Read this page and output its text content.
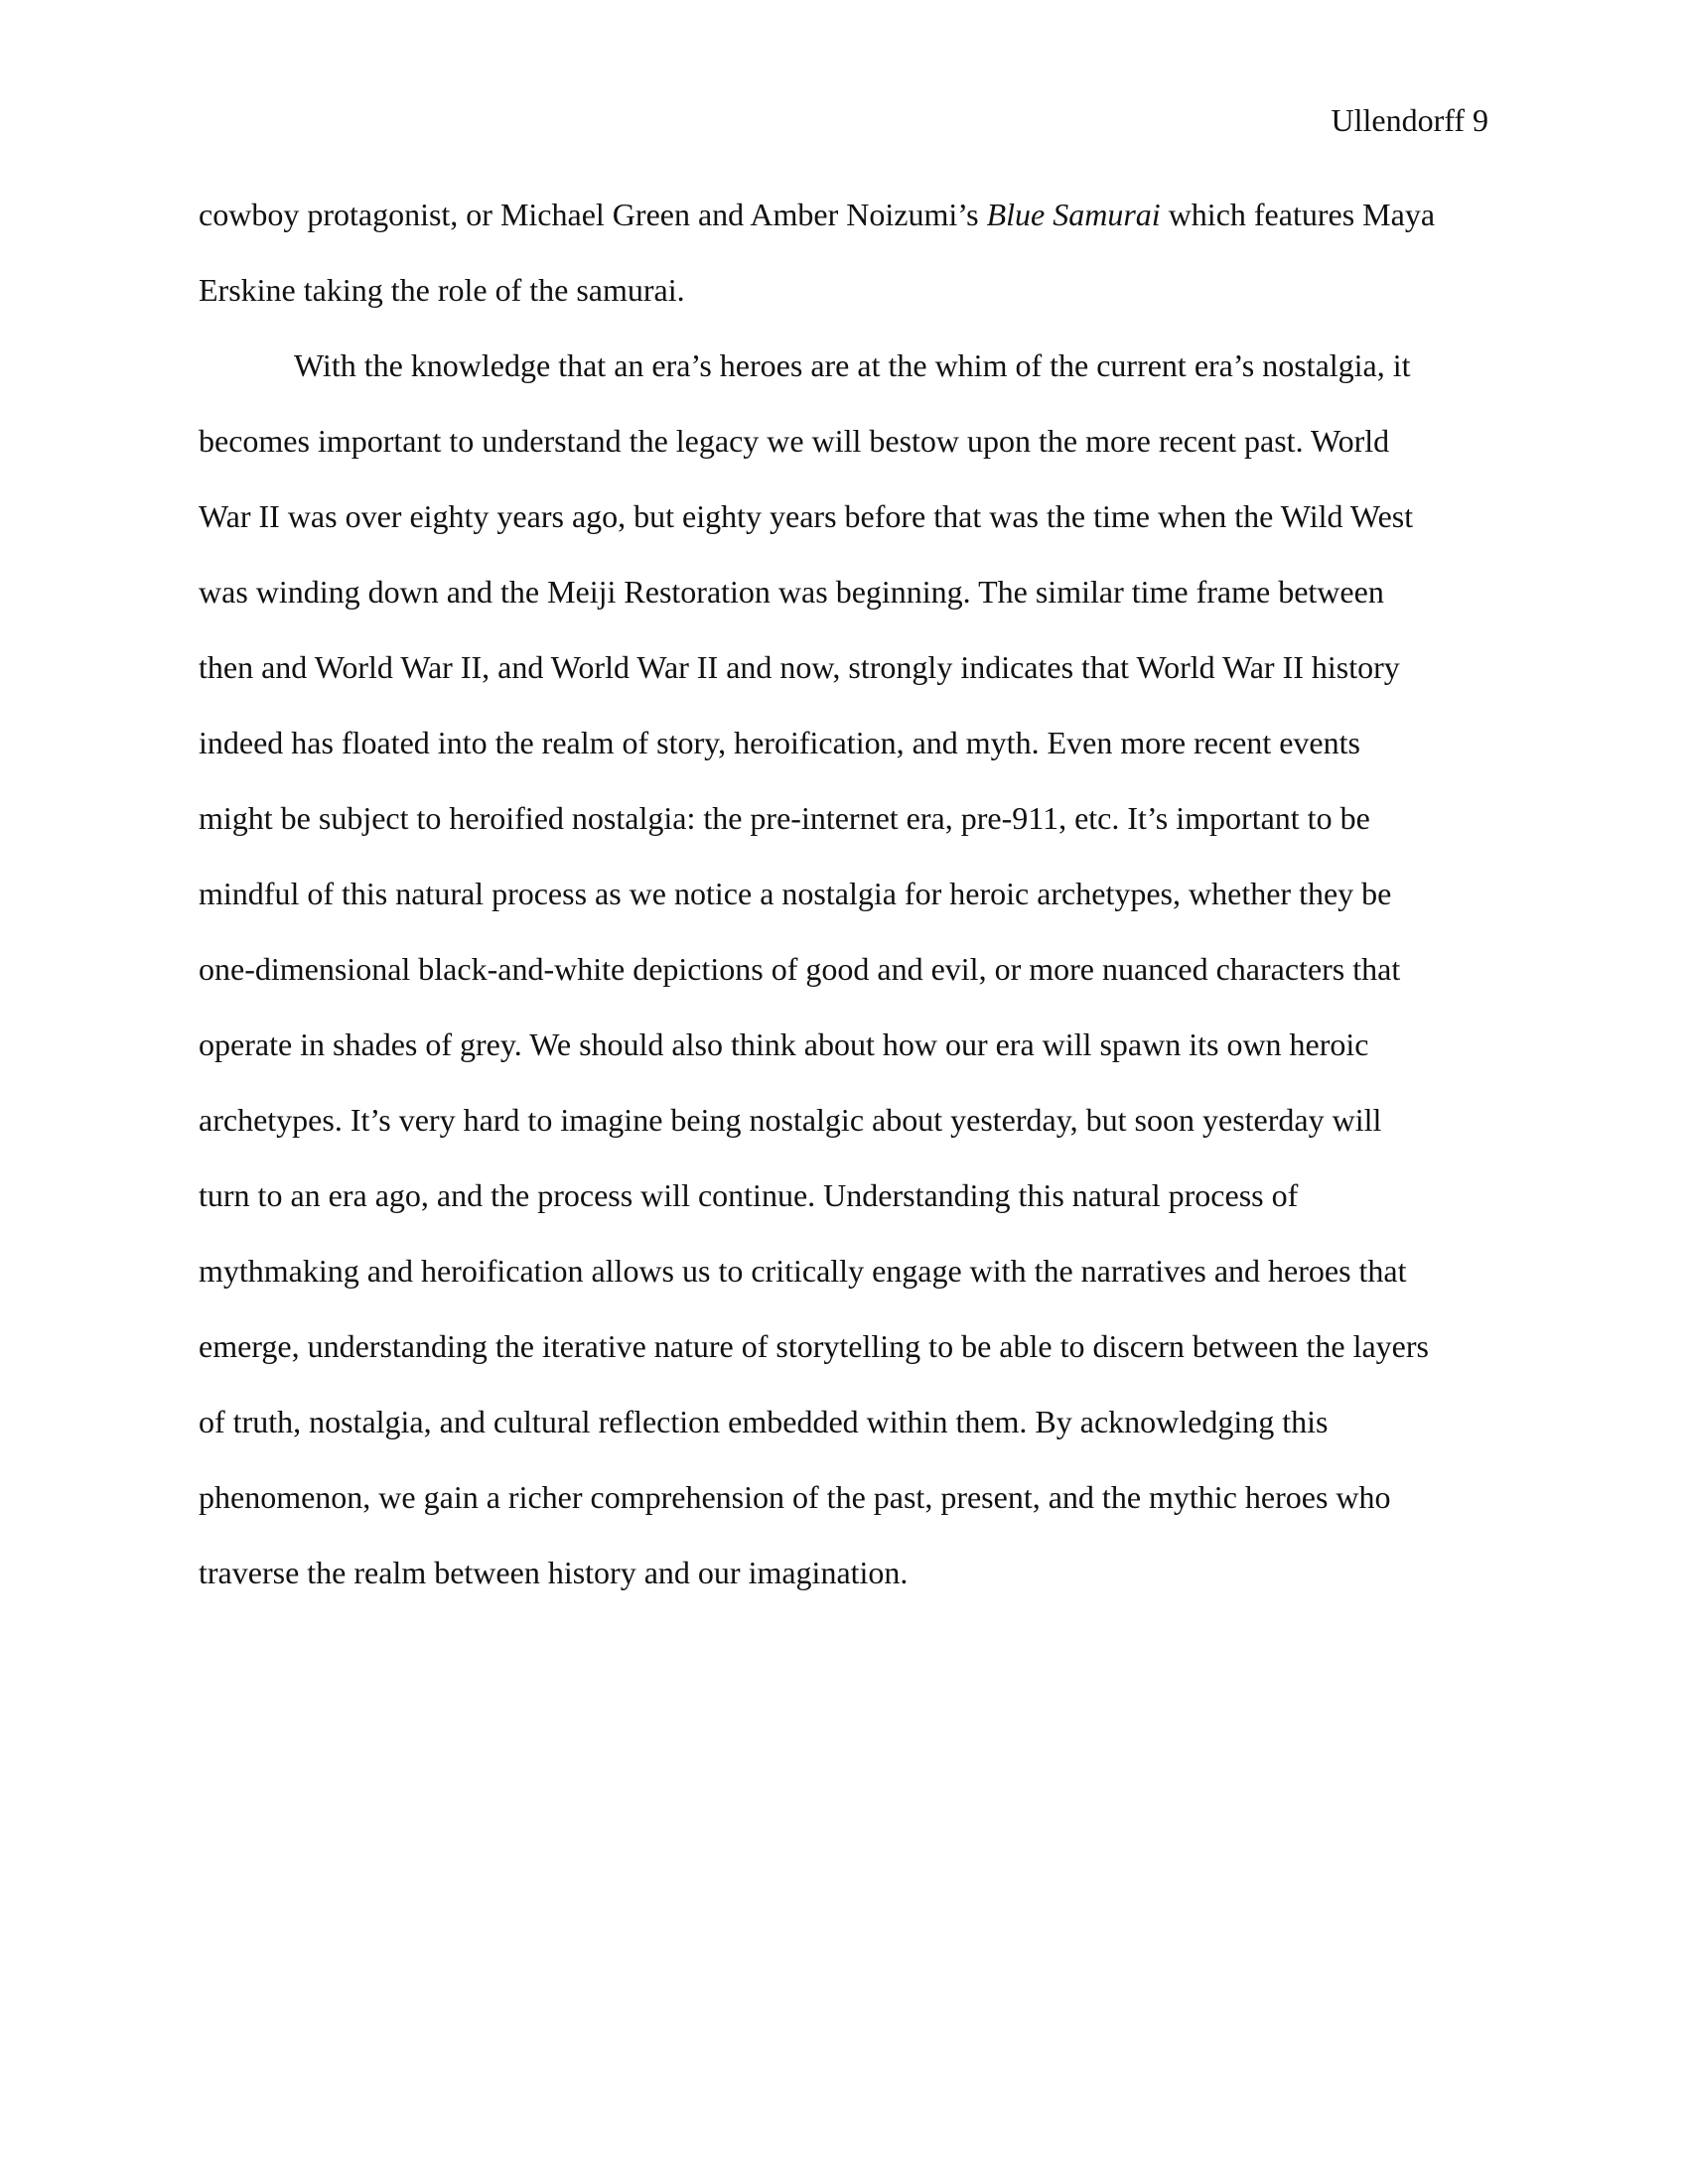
Ullendorff 9
cowboy protagonist, or Michael Green and Amber Noizumi’s Blue Samurai which features Maya
Erskine taking the role of the samurai.
With the knowledge that an era’s heroes are at the whim of the current era’s nostalgia, it
becomes important to understand the legacy we will bestow upon the more recent past. World
War II was over eighty years ago, but eighty years before that was the time when the Wild West
was winding down and the Meiji Restoration was beginning. The similar time frame between
then and World War II, and World War II and now, strongly indicates that World War II history
indeed has floated into the realm of story, heroification, and myth. Even more recent events
might be subject to heroified nostalgia: the pre-internet era, pre-911, etc. It’s important to be
mindful of this natural process as we notice a nostalgia for heroic archetypes, whether they be
one-dimensional black-and-white depictions of good and evil, or more nuanced characters that
operate in shades of grey. We should also think about how our era will spawn its own heroic
archetypes. It’s very hard to imagine being nostalgic about yesterday, but soon yesterday will
turn to an era ago, and the process will continue. Understanding this natural process of
mythmaking and heroification allows us to critically engage with the narratives and heroes that
emerge, understanding the iterative nature of storytelling to be able to discern between the layers
of truth, nostalgia, and cultural reflection embedded within them. By acknowledging this
phenomenon, we gain a richer comprehension of the past, present, and the mythic heroes who
traverse the realm between history and our imagination.
